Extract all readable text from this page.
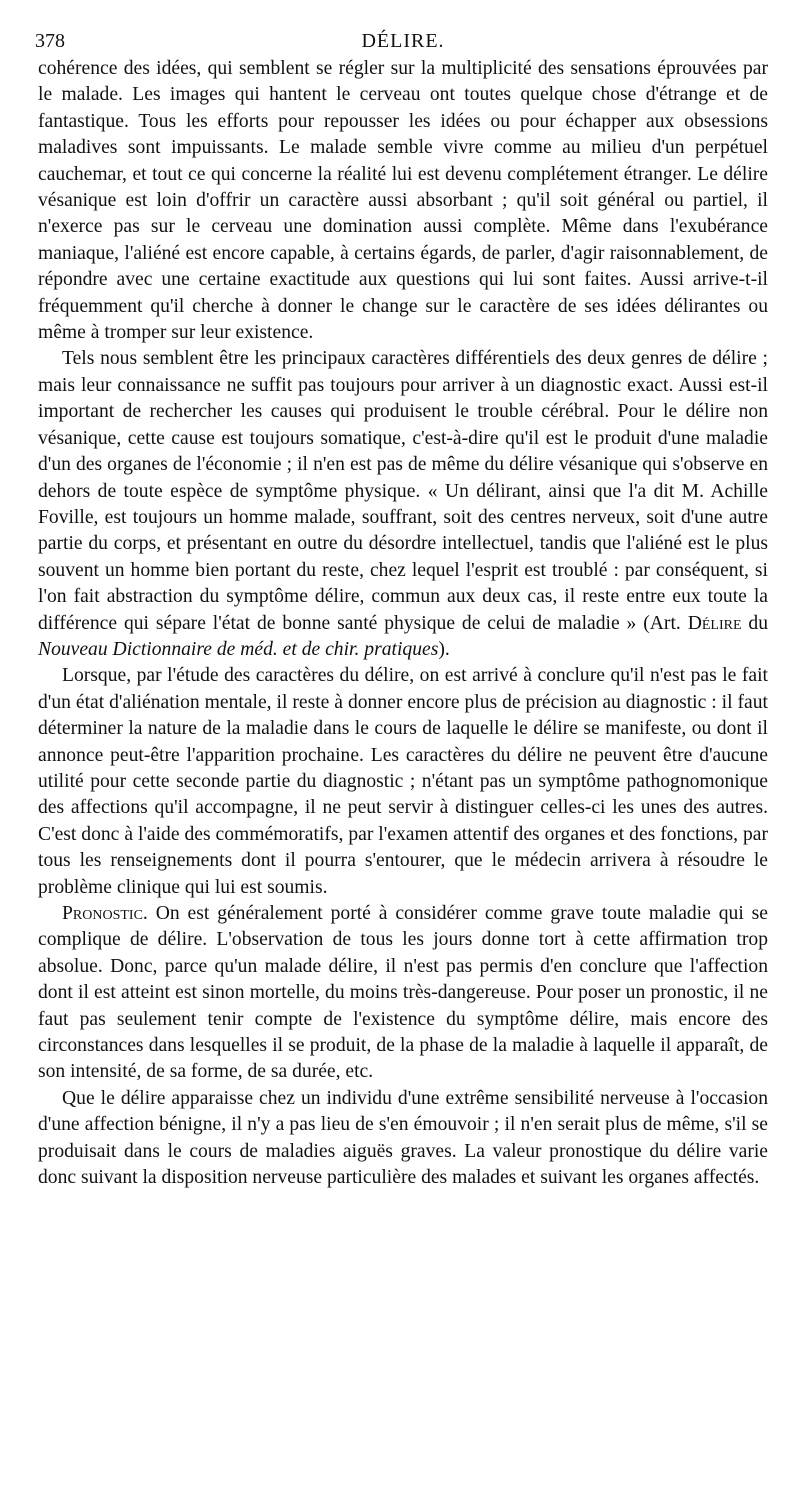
378	DÉLIRE.

cohérence des idées, qui semblent se régler sur la multiplicité des sensations éprouvées par le malade. Les images qui hantent le cerveau ont toutes quelque chose d'étrange et de fantastique. Tous les efforts pour repousser les idées ou pour échapper aux obsessions maladives sont impuissants. Le malade semble vivre comme au milieu d'un perpétuel cauchemar, et tout ce qui concerne la réalité lui est devenu complétement étranger. Le délire vésanique est loin d'offrir un caractère aussi absorbant ; qu'il soit général ou partiel, il n'exerce pas sur le cerveau une domination aussi complète. Même dans l'exubérance maniaque, l'aliéné est encore capable, à certains égards, de parler, d'agir raisonnablement, de répondre avec une certaine exactitude aux questions qui lui sont faites. Aussi arrive-t-il fréquemment qu'il cherche à donner le change sur le caractère de ses idées délirantes ou même à tromper sur leur existence.

Tels nous semblent être les principaux caractères différentiels des deux genres de délire ; mais leur connaissance ne suffit pas toujours pour arriver à un diagnostic exact. Aussi est-il important de rechercher les causes qui produisent le trouble cérébral. Pour le délire non vésanique, cette cause est toujours somatique, c'est-à-dire qu'il est le produit d'une maladie d'un des organes de l'économie ; il n'en est pas de même du délire vésanique qui s'observe en dehors de toute espèce de symptôme physique. « Un délirant, ainsi que l'a dit M. Achille Foville, est toujours un homme malade, souffrant, soit des centres nerveux, soit d'une autre partie du corps, et présentant en outre du désordre intellectuel, tandis que l'aliéné est le plus souvent un homme bien portant du reste, chez lequel l'esprit est troublé : par conséquent, si l'on fait abstraction du symptôme délire, commun aux deux cas, il reste entre eux toute la différence qui sépare l'état de bonne santé physique de celui de maladie » (Art. Délire du Nouveau Dictionnaire de méd. et de chir. pratiques).

Lorsque, par l'étude des caractères du délire, on est arrivé à conclure qu'il n'est pas le fait d'un état d'aliénation mentale, il reste à donner encore plus de précision au diagnostic : il faut déterminer la nature de la maladie dans le cours de laquelle le délire se manifeste, ou dont il annonce peut-être l'apparition prochaine. Les caractères du délire ne peuvent être d'aucune utilité pour cette seconde partie du diagnostic ; n'étant pas un symptôme pathognomonique des affections qu'il accompagne, il ne peut servir à distinguer celles-ci les unes des autres. C'est donc à l'aide des commémoratifs, par l'examen attentif des organes et des fonctions, par tous les renseignements dont il pourra s'entourer, que le médecin arrivera à résoudre le problème clinique qui lui est soumis.

Pronostic. On est généralement porté à considérer comme grave toute maladie qui se complique de délire. L'observation de tous les jours donne tort à cette affirmation trop absolue. Donc, parce qu'un malade délire, il n'est pas permis d'en conclure que l'affection dont il est atteint est sinon mortelle, du moins très-dangereuse. Pour poser un pronostic, il ne faut pas seulement tenir compte de l'existence du symptôme délire, mais encore des circonstances dans lesquelles il se produit, de la phase de la maladie à laquelle il apparaît, de son intensité, de sa forme, de sa durée, etc.

Que le délire apparaisse chez un individu d'une extrême sensibilité nerveuse à l'occasion d'une affection bénigne, il n'y a pas lieu de s'en émouvoir ; il n'en serait plus de même, s'il se produisait dans le cours de maladies aiguës graves. La valeur pronostique du délire varie donc suivant la disposition nerveuse particulière des malades et suivant les organes affectés.
